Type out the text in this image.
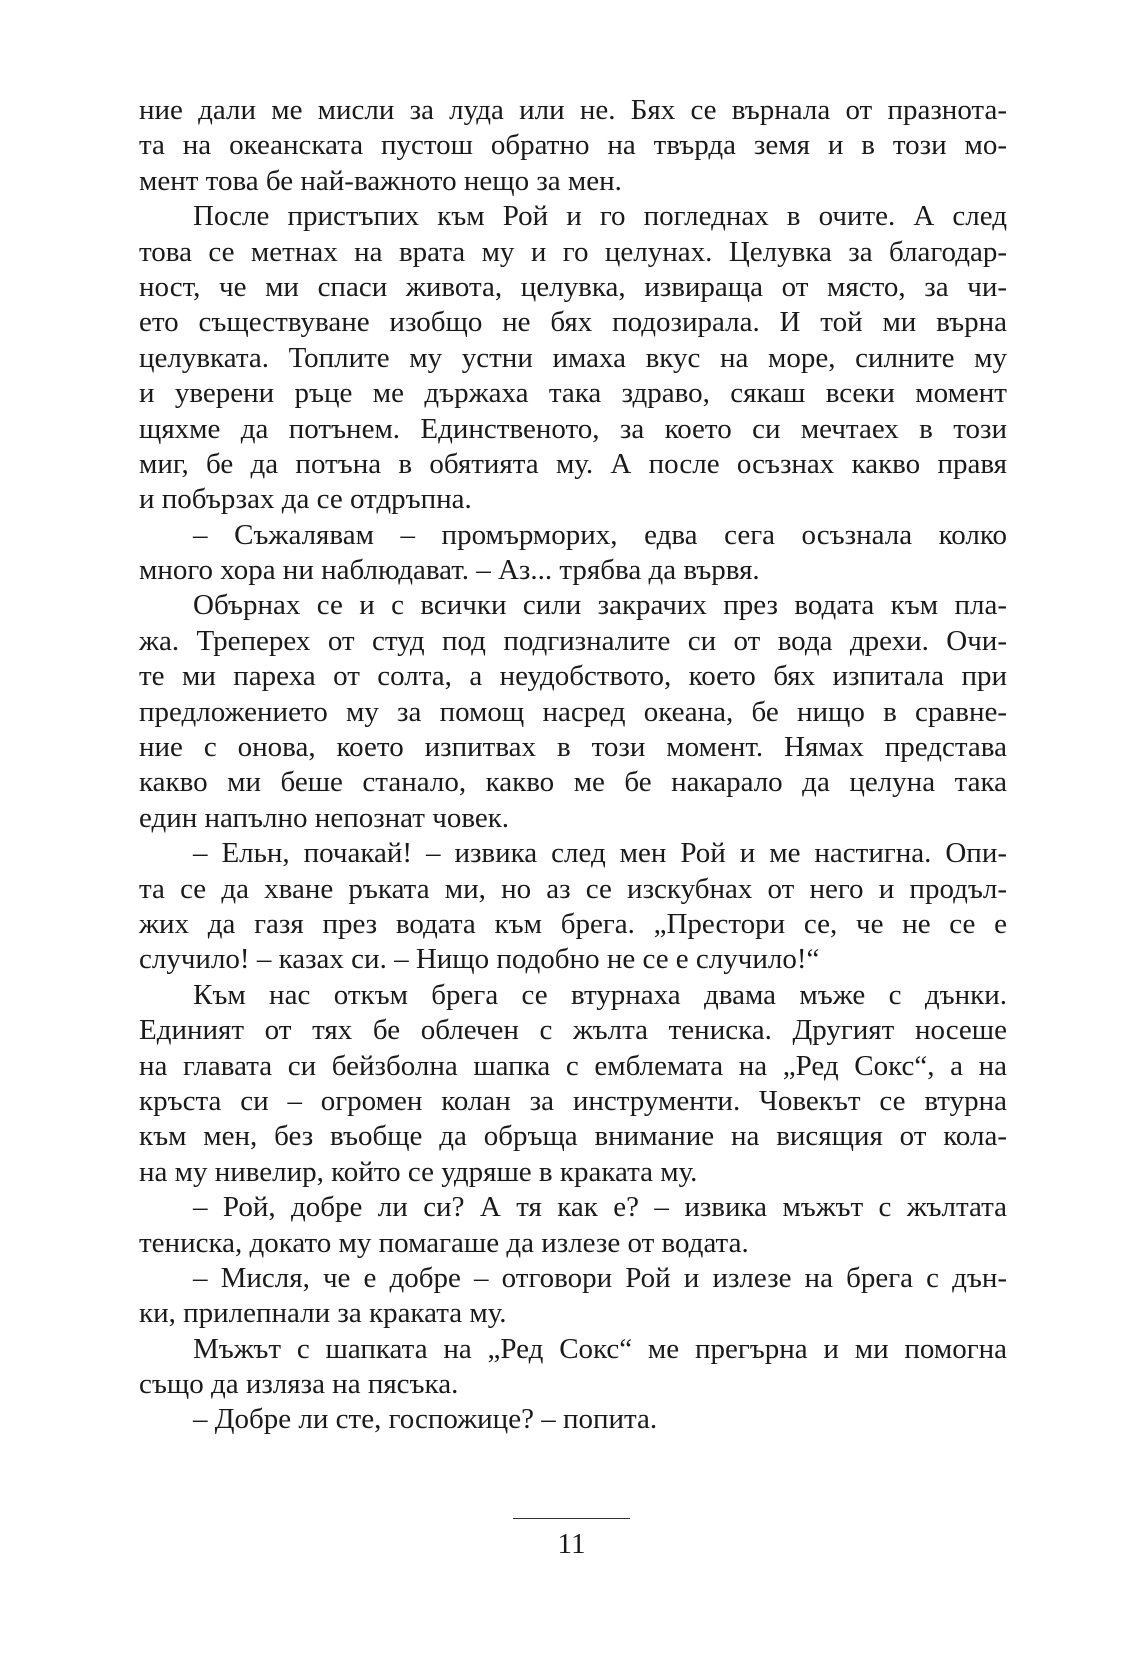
ние дали ме мисли за луда или не. Бях се върнала от празнота-
та на океанската пустош обратно на твърда земя и в този мо-
мент това бе най-важното нещо за мен.
После пристъпих към Рой и го погледнах в очите. А след
това се метнах на врата му и го целунах. Целувка за благодар-
ност, че ми спаси живота, целувка, извираща от място, за чи-
ето съществуване изобщо не бях подозирала. И той ми върна
целувката. Топлите му устни имаха вкус на море, силните му
и уверени ръце ме държаха така здраво, сякаш всеки момент
щяхме да потънем. Единственото, за което си мечтаех в този
миг, бе да потъна в обятията му. А после осъзнах какво правя
и побързах да се отдръпна.
– Съжалявам – промърморих, едва сега осъзнала колко
много хора ни наблюдават. – Аз... трябва да вървя.
Обърнах се и с всички сили закрачих през водата към пла-
жа. Треперех от студ под подгизналите си от вода дрехи. Очи-
те ми пареха от солта, а неудобството, което бях изпитала при
предложението му за помощ насред океана, бе нищо в сравне-
ние с онова, което изпитвах в този момент. Нямах представа
какво ми беше станало, какво ме бе накарало да целуна така
един напълно непознат човек.
– Ельн, почакай! – извика след мен Рой и ме настигна. Опи-
та се да хване ръката ми, но аз се изскубнах от него и продъл-
жих да газя през водата към брега. „Престори се, че не се е
случило! – казах си. – Нищо подобно не се е случило!“
Към нас откъм брега се втурнаха двама мъже с дънки.
Единият от тях бе облечен с жълта тениска. Другият носеше
на главата си бейзболна шапка с емблемата на „Ред Сокс“, а на
кръста си – огромен колан за инструменти. Човекът се втурна
към мен, без въобще да обръща внимание на висящия от кола-
на му нивелир, който се удряше в краката му.
– Рой, добре ли си? А тя как е? – извика мъжът с жълтата
тениска, докато му помагаше да излезе от водата.
– Мисля, че е добре – отговори Рой и излезе на брега с дън-
ки, прилепнали за краката му.
Мъжът с шапката на „Ред Сокс“ ме прегърна и ми помогна
също да изляза на пясъка.
– Добре ли сте, госпожице? – попита.
11
